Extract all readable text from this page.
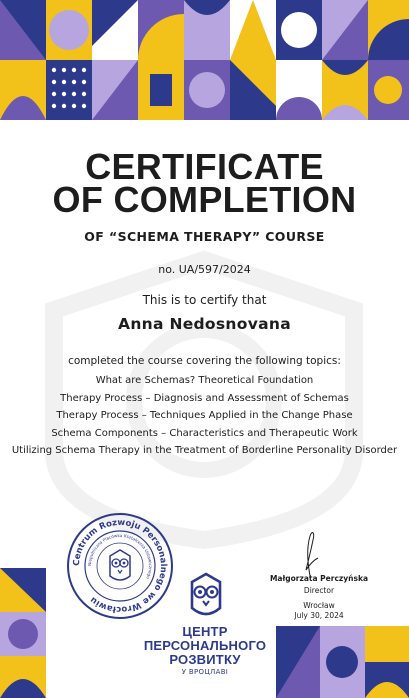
CERTIFICATE
OF COMPLETION
OF “SCHEMA THERAPY” COURSE
no. UA/597/2024
This is to certify that
Anna Nedosnovana
completed the course covering the following topics:
What are Schemas? Theoretical Foundation
Therapy Process – Diagnosis and Assessment of Schemas
Therapy Process – Techniques Applied in the Change Phase
Schema Components – Characteristics and Therapeutic Work
Utilizing Schema Therapy in the Treatment of Borderline Personality Disorder
Centrum Rozwoju Personalnego we Wrocławiu
Niepubliczna Placówka Kształcenia Ustawicznego
ЦЕНТР
ПЕРСОНАЛЬНОГО
РОЗВИТКУ
У ВРОЦЛАВІ
Małgorzata Perczyńska
Director
Wrocław
July 30, 2024
